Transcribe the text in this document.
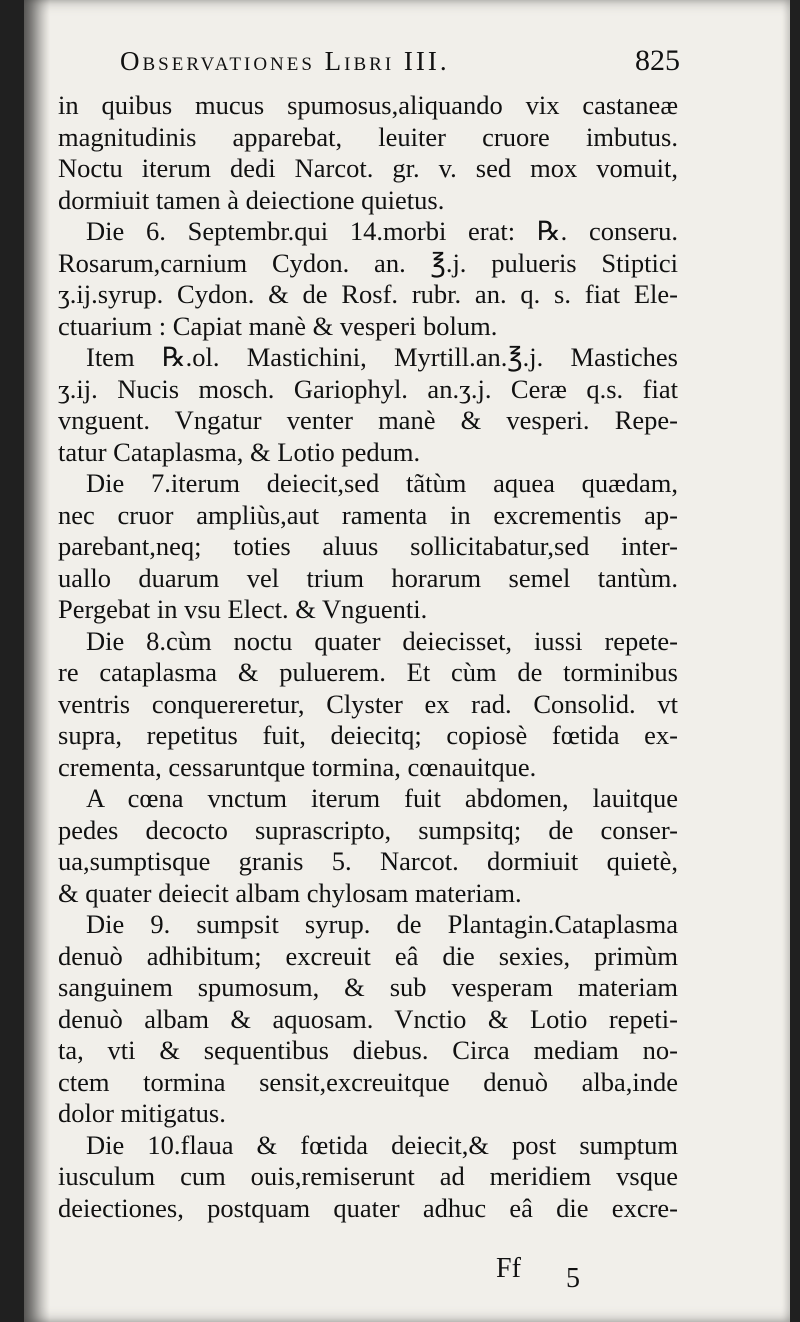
Observationes Libri III.	825
in quibus mucus spumosus,aliquando vix castaneæ
magnitudinis apparebat, leuiter cruore imbutus.
Noctu iterum dedi Narcot. gr. v. sed mox vomuit,
dormiuit tamen à deiectione quietus.
Die 6. Septembr.qui 14.morbi erat: ℞. conseru.
Rosarum,carnium Cydon. an. ℥.j. pulueris Stiptici
ʒ.ij.syrup. Cydon. & de Rosf. rubr. an. q. s. fiat Ele-
ctuarium : Capiat manè & vesperi bolum.
Item ℞.ol. Mastichini, Myrtill.an.℥.j. Mastiches
ʒ.ij. Nucis mosch. Gariophyl. an.ʒ.j. Ceræ q.s. fiat
vnguent. Vngatur venter manè & vesperi. Repe-
tatur Cataplasma, & Lotio pedum.
Die 7.iterum deiecit,sed tãtùm aquea quædam,
nec cruor ampliùs,aut ramenta in excrementis ap-
parebant,neq; toties aluus sollicitabatur,sed inter-
uallo duarum vel trium horarum semel tantùm.
Pergebat in vsu Elect. & Vnguenti.
Die 8.cùm noctu quater deiecisset, iussi repete-
re cataplasma & puluerem. Et cùm de torminibus
ventris conquereretur, Clyster ex rad. Consolid. vt
supra, repetitus fuit, deiecitq; copiosè fœtida ex-
crementa, cessaruntque tormina, cœnauitque.
A cœna vnctum iterum fuit abdomen, lauitque
pedes decocto suprascripto, sumpsitq; de conser-
ua,sumptisque granis 5. Narcot. dormiuit quietè,
& quater deiecit albam chylosam materiam.
Die 9. sumpsit syrup. de Plantagin.Cataplasma
denuò adhibitum; excreuit eâ die sexies, primùm
sanguinem spumosum, & sub vesperam materiam
denuò albam & aquosam. Vnctio & Lotio repeti-
ta, vti & sequentibus diebus. Circa mediam no-
ctem tormina sensit,excreuitque denuò alba,inde
dolor mitigatus.
Die 10.flaua & fœtida deiecit,& post sumptum
iusculum cum ouis,remiserunt ad meridiem vsque
deiectiones, postquam quater adhuc eâ die excre-
Ff 5
